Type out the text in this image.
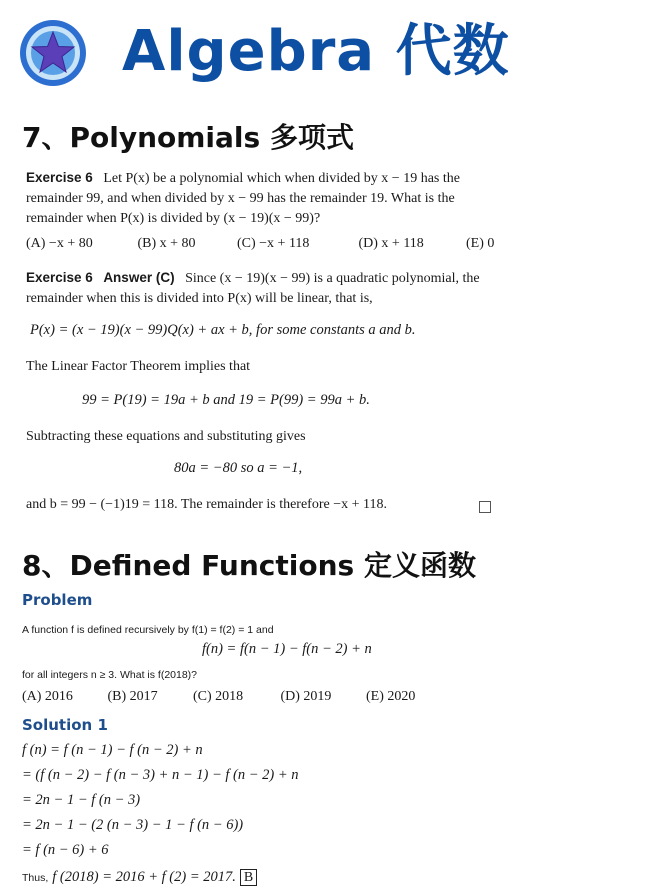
Algebra 代数
7、Polynomials 多项式
Exercise 6 Let P(x) be a polynomial which when divided by x − 19 has the remainder 99, and when divided by x − 99 has the remainder 19. What is the remainder when P(x) is divided by (x − 19)(x − 99)?
(A) −x + 80	(B) x + 80	(C) −x + 118	(D) x + 118	(E) 0
Exercise 6 Answer (C) Since (x − 19)(x − 99) is a quadratic polynomial, the remainder when this is divided into P(x) will be linear, that is,
P(x) = (x − 19)(x − 99)Q(x) + ax + b, for some constants a and b.
The Linear Factor Theorem implies that
99 = P(19) = 19a + b and 19 = P(99) = 99a + b.
Subtracting these equations and substituting gives
80a = −80 so a = −1,
and b = 99 − (−1)19 = 118. The remainder is therefore −x + 118.
8、Defined Functions 定义函数
Problem
A function f is defined recursively by f(1) = f(2) = 1 and
f(n) = f(n − 1) − f(n − 2) + n
for all integers n ≥ 3. What is f(2018)?
(A) 2016 (B) 2017	(C) 2018	(D) 2019 (E) 2020
Solution 1
f (n) = f (n − 1) − f (n − 2) + n
= (f (n − 2) − f (n − 3) + n − 1) − f (n − 2) + n
= 2n − 1 − f (n − 3)
= 2n − 1 − (2 (n − 3) − 1 − f (n − 6))
= f (n − 6) + 6
Thus, f (2018) = 2016 + f (2) = 2017. B
